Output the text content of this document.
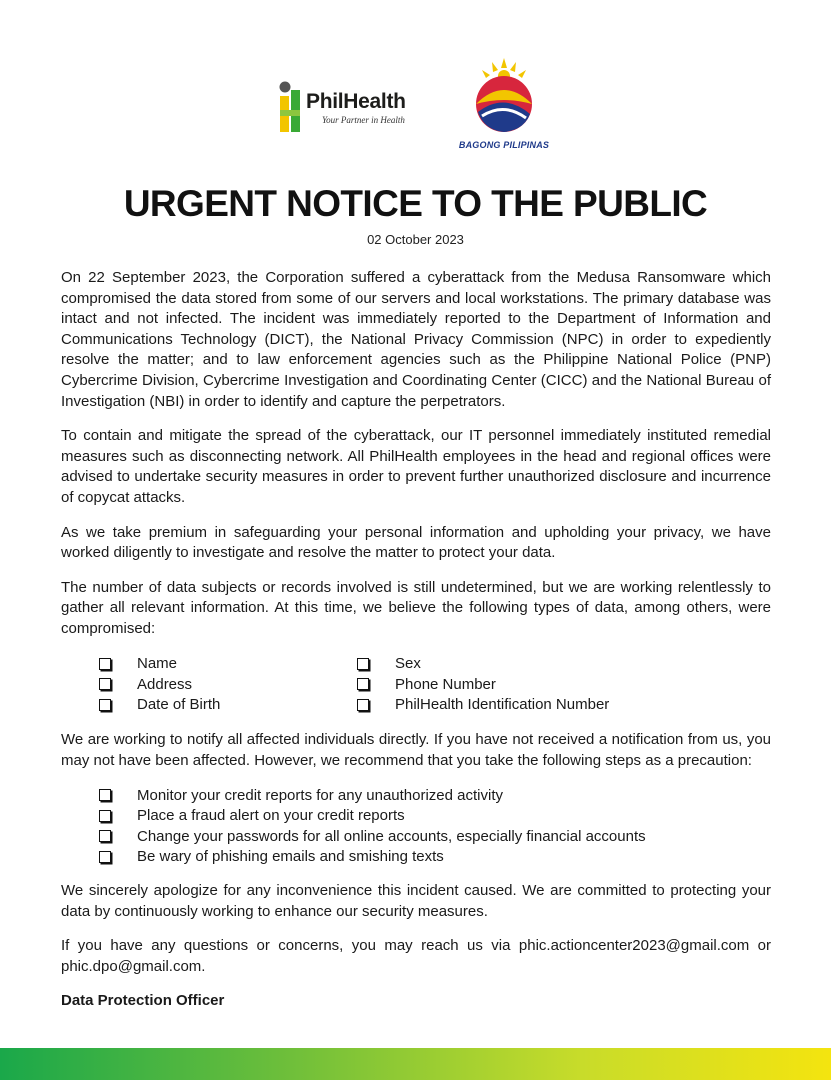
PhilHealth
Your Partner in Health
BAGONG PILIPINAS
URGENT NOTICE TO THE PUBLIC
02 October 2023

On 22 September 2023, the Corporation suffered a cyberattack from the Medusa Ransomware which compromised the data stored from some of our servers and local workstations. The primary database was intact and not infected. The incident was immediately reported to the Department of Information and Communications Technology (DICT), the National Privacy Commission (NPC) in order to expediently resolve the matter; and to law enforcement agencies such as the Philippine National Police (PNP) Cybercrime Division, Cybercrime Investigation and Coordinating Center (CICC) and the National Bureau of Investigation (NBI) in order to identify and capture the perpetrators.

To contain and mitigate the spread of the cyberattack, our IT personnel immediately instituted remedial measures such as disconnecting network. All PhilHealth employees in the head and regional offices were advised to undertake security measures in order to prevent further unauthorized disclosure and incurrence of copycat attacks.

As we take premium in safeguarding your personal information and upholding your privacy, we have worked diligently to investigate and resolve the matter to protect your data.

The number of data subjects or records involved is still undetermined, but we are working relentlessly to gather all relevant information. At this time, we believe the following types of data, among others, were compromised:

Name
Address
Date of Birth
Sex
Phone Number
PhilHealth Identification Number

We are working to notify all affected individuals directly. If you have not received a notification from us, you may not have been affected. However, we recommend that you take the following steps as a precaution:

Monitor your credit reports for any unauthorized activity
Place a fraud alert on your credit reports
Change your passwords for all online accounts, especially financial accounts
Be wary of phishing emails and smishing texts

We sincerely apologize for any inconvenience this incident caused. We are committed to protecting your data by continuously working to enhance our security measures.

If you have any questions or concerns, you may reach us via phic.actioncenter2023@gmail.com or phic.dpo@gmail.com.

Data Protection Officer
